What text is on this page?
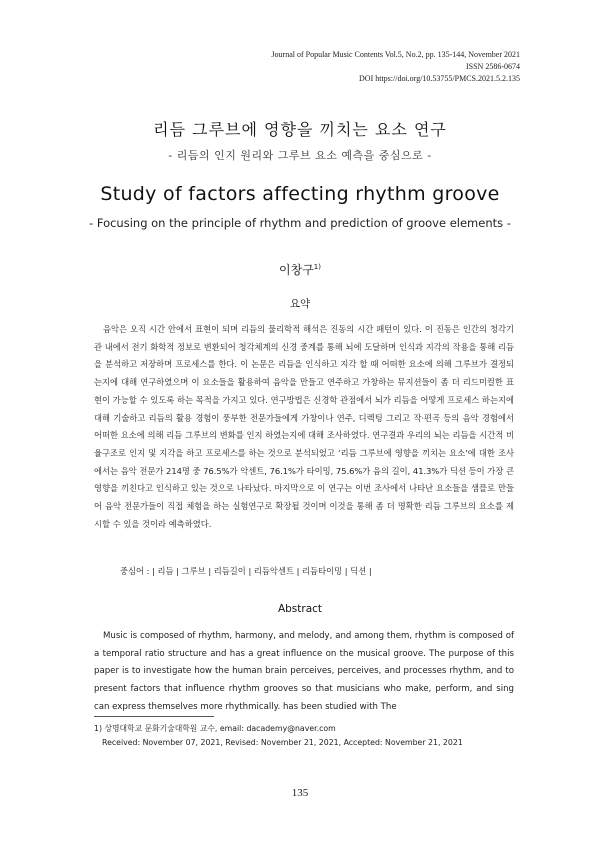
Journal of Popular Music Contents Vol.5, No.2, pp. 135-144, November 2021
ISSN 2586-0674
DOI https://doi.org/10.53755/PMCS.2021.5.2.135
리듬 그루브에 영향을 끼치는 요소 연구
- 리듬의 인지 원리와 그루브 요소 예측을 중심으로 -
Study of factors affecting rhythm groove
- Focusing on the principle of rhythm and prediction of groove elements -
이창구$^{1)}$
요약
음악은 오직 시간 안에서 표현이 되며 리듬의 물리학적 해석은 진동의 시간 패턴이 있다. 이 진동은 인간의 청각기관 내에서 전기 화학적 정보로 변환되어 청각체계의 신경 중계를 통해 뇌에 도달하며 인식과 지각의 작용을 통해 리듬을 분석하고 저장하며 프로세스를 한다. 이 논문은 리듬을 인식하고 지각 할 때 어떠한 요소에 의해 그루브가 결정되는지에 대해 연구하였으며 이 요소들을 활용하여 음악을 만들고 연주하고 가창하는 뮤지션들이 좀 더 리드미컬한 표현이 가능할 수 있도록 하는 목적을 가지고 있다. 연구방법은 신경학 관점에서 뇌가 리듬을 어떻게 프로세스 하는지에 대해 기술하고 리듬의 활용 경험이 풍부한 전문가들에게 가창이나 연주, 디렉팅 그리고 작·편곡 등의 음악 경험에서 어떠한 요소에 의해 리듬 그루브의 변화를 인지 하였는지에 대해 조사하였다. 연구결과 우리의 뇌는 리듬을 시간적 비율구조로 인지 및 지각을 하고 프로세스를 하는 것으로 분석되었고 ‘리듬 그루브에 영향을 끼치는 요소’에 대한 조사에서는 음악 전문가 214명 중 76.5%가 악센트, 76.1%가 타이밍, 75.6%가 음의 길이, 41.3%가 딕션 등이 가장 큰 영향을 끼친다고 인식하고 있는 것으로 나타났다. 마지막으로 이 연구는 이번 조사에서 나타난 요소들을 샘플로 만들어 음악 전문가들이 직접 체험을 하는 실험연구로 확장될 것이며 이것을 통해 좀 더 명확한 리듬 그루브의 요소를 제시할 수 있을 것이라 예측하였다.
중심어 : | 리듬 | 그루브 | 리듬길이 | 리듬악센트 | 리듬타이밍 | 딕션 |
Abstract
Music is composed of rhythm, harmony, and melody, and among them, rhythm is composed of a temporal ratio structure and has a great influence on the musical groove. The purpose of this paper is to investigate how the human brain perceives, perceives, and processes rhythm, and to present factors that influence rhythm grooves so that musicians who make, perform, and sing can express themselves more rhythmically. has been studied with The
1) 상명대학교 문화기술대학원 교수, email: dacademy@naver.com
Received: November 07, 2021, Revised: November 21, 2021, Accepted: November 21, 2021
135
